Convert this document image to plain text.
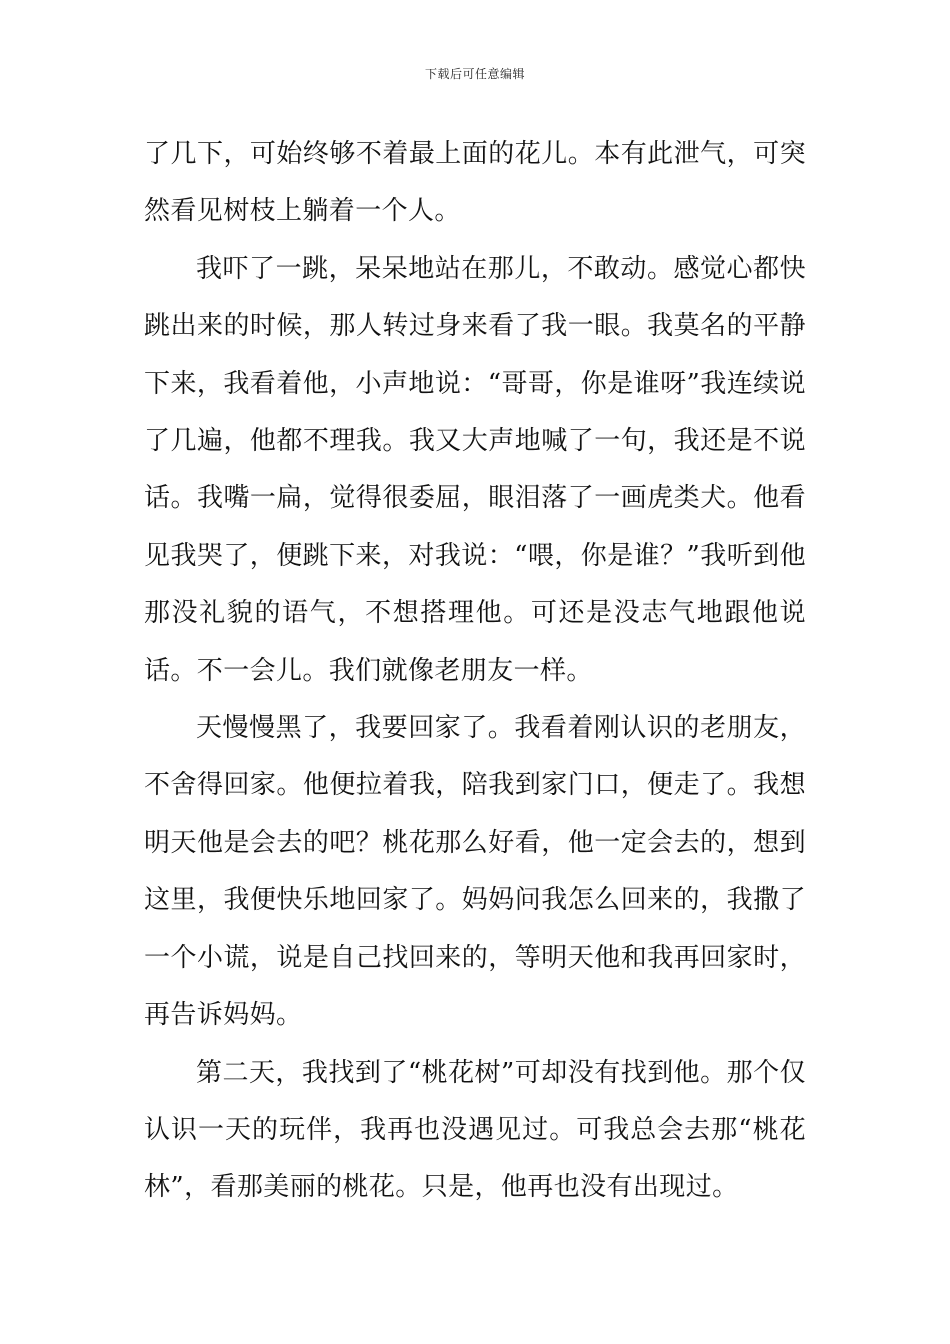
下载后可任意编辑

了几下，可始终够不着最上面的花儿。本有此泄气，可突然看见树枝上躺着一个人。

我吓了一跳，呆呆地站在那儿，不敢动。感觉心都快跳出来的时候，那人转过身来看了我一眼。我莫名的平静下来，我看着他，小声地说：“哥哥，你是谁呀”我连续说了几遍，他都不理我。我又大声地喊了一句，我还是不说话。我嘴一扁，觉得很委屈，眼泪落了一画虎类犬。他看见我哭了，便跳下来，对我说：“喂，你是谁？”我听到他那没礼貌的语气，不想搭理他。可还是没志气地跟他说话。不一会儿。我们就像老朋友一样。

天慢慢黑了，我要回家了。我看着刚认识的老朋友，不舍得回家。他便拉着我，陪我到家门口，便走了。我想明天他是会去的吧？桃花那么好看，他一定会去的，想到这里，我便快乐地回家了。妈妈问我怎么回来的，我撒了一个小谎，说是自己找回来的，等明天他和我再回家时，再告诉妈妈。

第二天，我找到了“桃花树”可却没有找到他。那个仅认识一天的玩伴，我再也没遇见过。可我总会去那“桃花林”，看那美丽的桃花。只是，他再也没有出现过。
